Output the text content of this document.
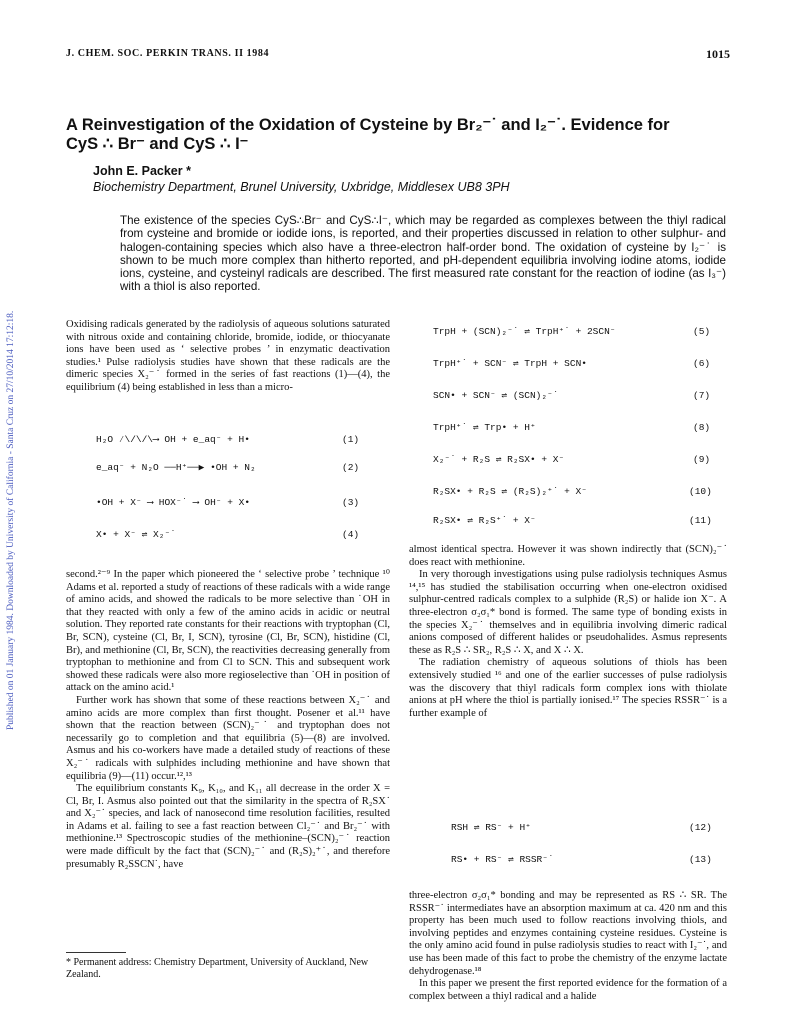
Published on 01 January 1984. Downloaded by University of California - Santa Cruz on 27/10/2014 17:12:18.
J. CHEM. SOC. PERKIN TRANS. II 1984	1015
A Reinvestigation of the Oxidation of Cysteine by Br₂⁻˙ and I₂⁻˙. Evidence for CyS ∴ Br⁻ and CyS ∴ I⁻
John E. Packer *
Biochemistry Department, Brunel University, Uxbridge, Middlesex UB8 3PH
The existence of the species CyS∴Br⁻ and CyS∴I⁻, which may be regarded as complexes between the thiyl radical from cysteine and bromide or iodide ions, is reported, and their properties discussed in relation to other sulphur- and halogen-containing species which also have a three-electron half-order bond. The oxidation of cysteine by I₂⁻˙ is shown to be much more complex than hitherto reported, and pH-dependent equilibria involving iodine atoms, iodide ions, cysteine, and cysteinyl radicals are described. The first measured rate constant for the reaction of iodine (as I₃⁻) with a thiol is also reported.

Oxidising radicals generated by the radiolysis of aqueous solutions saturated with nitrous oxide and containing chloride, bromide, iodide, or thiocyanate ions have been used as ‘ selective probes ’ in enzymatic deactivation studies.¹ Pulse radiolysis studies have shown that these radicals are the dimeric species X₂⁻˙ formed in the series of fast reactions (1)—(4), the equilibrium (4) being established in less than a micro-

H₂O ⁄\/\/\⟶ OH + e_aq⁻ + H•	(1)
e_aq⁻ + N₂O ──H⁺──▶ •OH + N₂	(2)
•OH + X⁻ ⟶ HOX⁻˙ ⟶ OH⁻ + X•	(3)
X• + X⁻ ⇌ X₂⁻˙	(4)

second.²⁻⁹ In the paper which pioneered the ‘ selective probe ’ technique ¹⁰ Adams et al. reported a study of reactions of these radicals with a wide range of amino acids, and showed the radicals to be more selective than ˙OH in that they reacted with only a few of the amino acids in acidic or neutral solution. They reported rate constants for their reactions with tryptophan (Cl, Br, SCN), cysteine (Cl, Br, I, SCN), tyrosine (Cl, Br, SCN), histidine (Cl, Br), and methionine (Cl, Br, SCN), the reactivities decreasing generally from tryptophan to methionine and from Cl to SCN. This and subsequent work showed these radicals were also more regioselective than ˙OH in position of attack on the amino acid.¹

Further work has shown that some of these reactions between X₂⁻˙ and amino acids are more complex than first thought. Posener et al.¹¹ have shown that the reaction between (SCN)₂⁻˙ and tryptophan does not necessarily go to completion and that equilibria (5)—(8) are involved. Asmus and his co-workers have made a detailed study of reactions of these X₂⁻˙ radicals with sulphides including methionine and have shown that equilibria (9)—(11) occur.¹²,¹³

The equilibrium constants K₉, K₁₀, and K₁₁ all decrease in the order X = Cl, Br, I. Asmus also pointed out that the similarity in the spectra of R₂SX˙ and X₂⁻˙ species, and lack of nanosecond time resolution facilities, resulted in Adams et al. failing to see a fast reaction between Cl₂⁻˙ and Br₂⁻˙ with methionine.¹³ Spectroscopic studies of the methionine–(SCN)₂⁻˙ reaction were made difficult by the fact that (SCN)₂⁻˙ and (R₂S)₂⁺˙, and therefore presumably R₂SSCN˙, have

* Permanent address: Chemistry Department, University of Auckland, New Zealand.
TrpH + (SCN)₂⁻˙ ⇌ TrpH⁺˙ + 2SCN⁻	(5)
TrpH⁺˙ + SCN⁻ ⇌ TrpH + SCN•	(6)
SCN• + SCN⁻ ⇌ (SCN)₂⁻˙	(7)
TrpH⁺˙ ⇌ Trp• + H⁺	(8)
X₂⁻˙ + R₂S ⇌ R₂SX• + X⁻	(9)
R₂SX• + R₂S ⇌ (R₂S)₂⁺˙ + X⁻	(10)
R₂SX• ⇌ R₂S⁺˙ + X⁻	(11)

almost identical spectra. However it was shown indirectly that (SCN)₂⁻˙ does react with methionine.

In very thorough investigations using pulse radiolysis techniques Asmus ¹⁴,¹⁵ has studied the stabilisation occurring when one-electron oxidised sulphur-centred radicals complex to a sulphide (R₂S) or halide ion X⁻. A three-electron σ₂σ₁* bond is formed. The same type of bonding exists in the species X₂⁻˙ themselves and in equilibria involving dimeric radical anions composed of different halides or pseudohalides. Asmus represents these as R₂S ∴ SR₂, R₂S ∴ X, and X ∴ X.

The radiation chemistry of aqueous solutions of thiols has been extensively studied ¹⁶ and one of the earlier successes of pulse radiolysis was the discovery that thiyl radicals form complex ions with thiolate anions at pH where the thiol is partially ionised.¹⁷ The species RSSR⁻˙ is a further example of

RSH ⇌ RS⁻ + H⁺	(12)
RS• + RS⁻ ⇌ RSSR⁻˙	(13)

three-electron σ₂σ₁* bonding and may be represented as RS ∴ SR. The RSSR⁻˙ intermediates have an absorption maximum at ca. 420 nm and this property has been much used to follow reactions involving thiols, and involving peptides and enzymes containing cysteine residues. Cysteine is the only amino acid found in pulse radiolysis studies to react with I₂⁻˙, and use has been made of this fact to probe the chemistry of the enzyme lactate dehydrogenase.¹⁸

In this paper we present the first reported evidence for the formation of a complex between a thiyl radical and a halide
